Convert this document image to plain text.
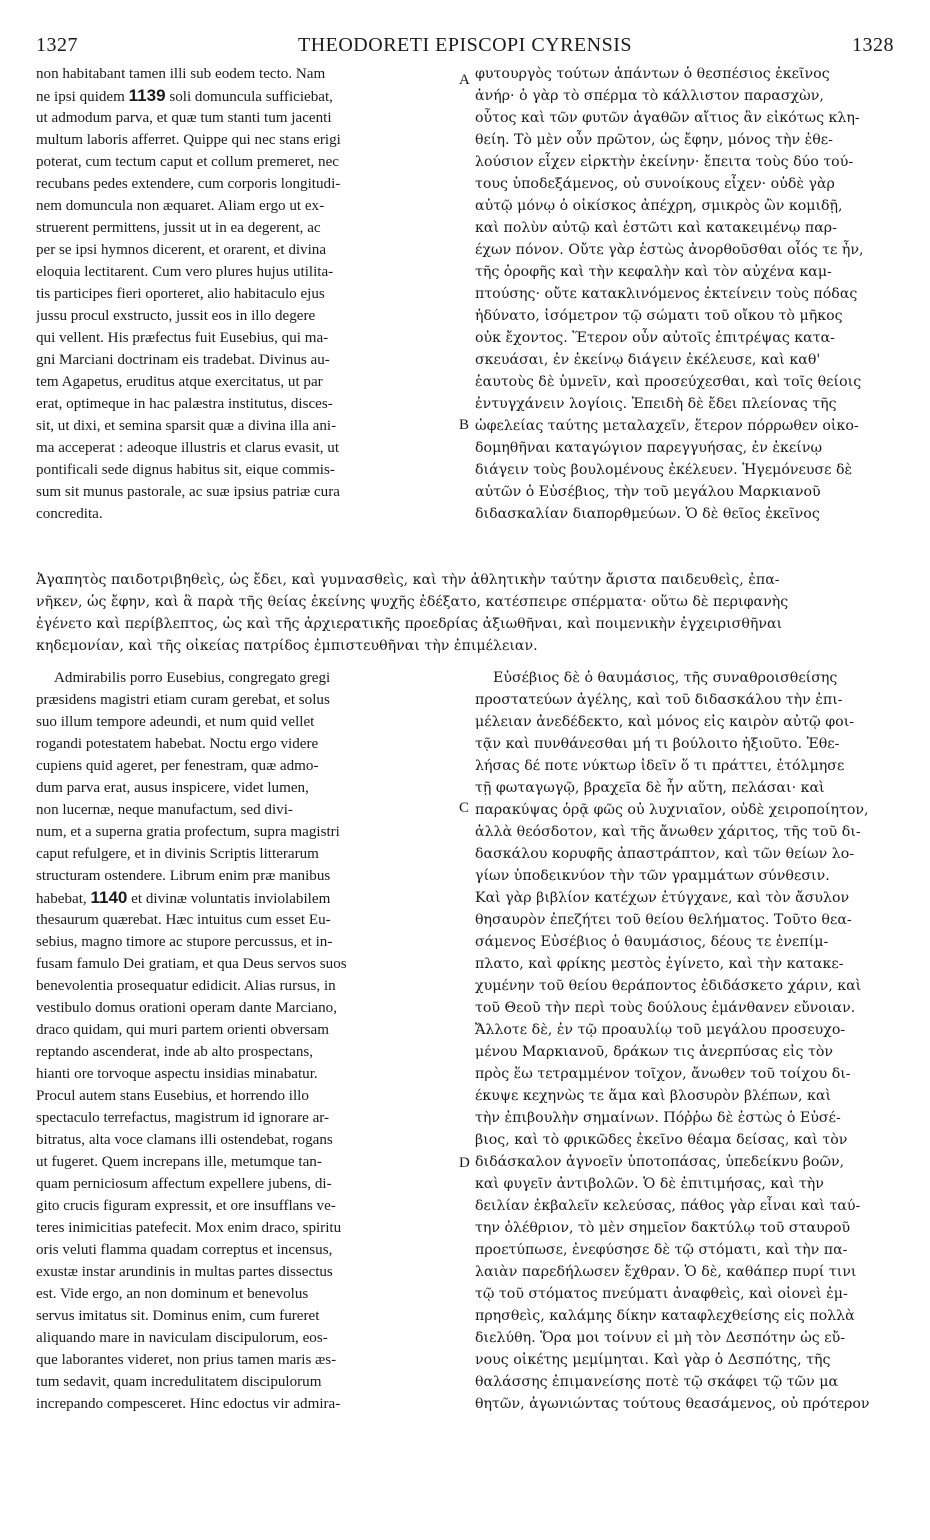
1327	THEODORETI EPISCOPI CYRENSIS	1328
non habitabant tamen illi sub eodem tecto. Nam
ne ipsi quidem 1139 soli domuncula sufficiebat,
ut admodum parva, et quæ tum stanti tum jacenti
multum laboris afferret. Quippe qui nec stans erigi
poterat, cum tectum caput et collum premeret, nec
recubans pedes extendere, cum corporis longitudi-
nem domuncula non æquaret. Aliam ergo ut ex-
struerent permittens, jussit ut in ea degerent, ac
per se ipsi hymnos dicerent, et orarent, et divina
eloquia lectitarent. Cum vero plures hujus utilita-
tis participes fieri oporteret, alio habitaculo ejus
jussu procul exstructo, jussit eos in illo degere
qui vellent. His præfectus fuit Eusebius, qui ma-
gni Marciani doctrinam eis tradebat. Divinus au-
tem Agapetus, eruditus atque exercitatus, ut par
erat, optimeque in hac palæstra institutus, disces-
sit, ut dixi, et semina sparsit quæ a divina illa ani-
ma acceperat : adeoque illustris et clarus evasit, ut
pontificali sede dignus habitus sit, eique commis-
sum sit munus pastorale, ac suæ ipsius patriæ cura
concredita.
A
B
φυτουργὸς τούτων ἁπάντων ὁ θεσπέσιος ἐκεῖνος
ἀνήρ· ὁ γὰρ τὸ σπέρμα τὸ κάλλιστον παρασχὼν,
οὗτος καὶ τῶν φυτῶν ἀγαθῶν αἴτιος ἂν εἰκότως κλη-
θείη. Τὸ μὲν οὖν πρῶτον, ὡς ἔφην, μόνος τὴν ἐθε-
λούσιον εἶχεν εἱρκτὴν ἐκείνην· ἔπειτα τοὺς δύο τού-
τους ὑποδεξάμενος, οὐ συνοίκους εἶχεν· οὐδὲ γὰρ
αὐτῷ μόνῳ ὁ οἰκίσκος ἀπέχρη, σμικρὸς ὢν κομιδῇ,
καὶ πολὺν αὐτῷ καὶ ἑστῶτι καὶ κατακειμένῳ παρ-
έχων πόνον. Οὔτε γὰρ ἑστὼς ἀνορθοῦσθαι οἷός τε ἦν,
τῆς ὀροφῆς καὶ τὴν κεφαλὴν καὶ τὸν αὐχένα καμ-
πτούσης· οὔτε κατακλινόμενος ἐκτείνειν τοὺς πόδας
ἠδύνατο, ἰσόμετρον τῷ σώματι τοῦ οἴκου τὸ μῆκος
οὐκ ἔχοντος. Ἕτερον οὖν αὐτοῖς ἐπιτρέψας κατα-
σκευάσαι, ἐν ἐκείνῳ διάγειν ἐκέλευσε, καὶ καθ'
ἑαυτοὺς δὲ ὑμνεῖν, καὶ προσεύχεσθαι, καὶ τοῖς θείοις
ἐντυγχάνειν λογίοις. Ἐπειδὴ δὲ ἔδει πλείονας τῆς
ὠφελείας ταύτης μεταλαχεῖν, ἕτερον πόρρωθεν οἰκο-
δομηθῆναι καταγώγιον παρεγγυήσας, ἐν ἐκείνῳ
διάγειν τοὺς βουλομένους ἐκέλευεν. Ἡγεμόνευσε δὲ
αὐτῶν ὁ Εὐσέβιος, τὴν τοῦ μεγάλου Μαρκιανοῦ
διδασκαλίαν διαπορθμεύων. Ὁ δὲ θεῖος ἐκεῖνος
Ἀγαπητὸς παιδοτριβηθεὶς, ὡς ἔδει, καὶ γυμνασθεὶς, καὶ τὴν ἀθλητικὴν ταύτην ἄριστα παιδευθεὶς, ἐπα-
νῆκεν, ὡς ἔφην, καὶ ἃ παρὰ τῆς θείας ἐκείνης ψυχῆς ἐδέξατο, κατέσπειρε σπέρματα· οὕτω δὲ περιφανὴς
ἐγένετο καὶ περίβλεπτος, ὡς καὶ τῆς ἀρχιερατικῆς προεδρίας ἀξιωθῆναι, καὶ ποιμενικὴν ἐγχειρισθῆναι
κηδεμονίαν, καὶ τῆς οἰκείας πατρίδος ἐμπιστευθῆναι τὴν ἐπιμέλειαν.
Admirabilis porro Eusebius, congregato gregi
præsidens magistri etiam curam gerebat, et solus
suo illum tempore adeundi, et num quid vellet
rogandi potestatem habebat. Noctu ergo videre
cupiens quid ageret, per fenestram, quæ admo-
dum parva erat, ausus inspicere, videt lumen,
non lucernæ, neque manufactum, sed divi-
num, et a superna gratia profectum, supra magistri
caput refulgere, et in divinis Scriptis litterarum
structuram ostendere. Librum enim præ manibus
habebat, 1140 et divinæ voluntatis inviolabilem
thesaurum quærebat. Hæc intuitus cum esset Eu-
sebius, magno timore ac stupore percussus, et in-
fusam famulo Dei gratiam, et qua Deus servos suos
benevolentia prosequatur edidicit. Alias rursus, in
vestibulo domus orationi operam dante Marciano,
draco quidam, qui muri partem orienti obversam
reptando ascenderat, inde ab alto prospectans,
hianti ore torvoque aspectu insidias minabatur.
Procul autem stans Eusebius, et horrendo illo
spectaculo terrefactus, magistrum id ignorare ar-
bitratus, alta voce clamans illi ostendebat, rogans
ut fugeret. Quem increpans ille, metumque tan-
quam perniciosum affectum expellere jubens, di-
gito crucis figuram expressit, et ore insufflans ve-
teres inimicitias patefecit. Mox enim draco, spiritu
oris veluti flamma quadam correptus et incensus,
exustæ instar arundinis in multas partes dissectus
est. Vide ergo, an non dominum et benevolus
servus imitatus sit. Dominus enim, cum fureret
aliquando mare in naviculam discipulorum, eos-
que laborantes videret, non prius tamen maris æs-
tum sedavit, quam incredulitatem discipulorum
increpando compesceret. Hinc edoctus vir admira-
C
D
Εὐσέβιος δὲ ὁ θαυμάσιος, τῆς συναθροισθείσης
προστατεύων ἀγέλης, καὶ τοῦ διδασκάλου τὴν ἐπι-
μέλειαν ἀνεδέδεκτο, καὶ μόνος εἰς καιρὸν αὐτῷ φοι-
τᾷν καὶ πυνθάνεσθαι μή τι βούλοιτο ἠξιοῦτο. Ἐθε-
λήσας δέ ποτε νύκτωρ ἰδεῖν ὅ τι πράττει, ἐτόλμησε
τῇ φωταγωγῷ, βραχεῖα δὲ ἦν αὕτη, πελάσαι· καὶ
παρακύψας ὁρᾷ φῶς οὐ λυχνιαῖον, οὐδὲ χειροποίητον,
ἀλλὰ θεόσδοτον, καὶ τῆς ἄνωθεν χάριτος, τῆς τοῦ δι-
δασκάλου κορυφῆς ἀπαστράπτον, καὶ τῶν θείων λο-
γίων ὑποδεικνύον τὴν τῶν γραμμάτων σύνθεσιν.
Καὶ γὰρ βιβλίον κατέχων ἐτύγχανε, καὶ τὸν ἄσυλον
θησαυρὸν ἐπεζήτει τοῦ θείου θελήματος. Τοῦτο θεα-
σάμενος Εὐσέβιος ὁ θαυμάσιος, δέους τε ἐνεπίμ-
πλατο, καὶ φρίκης μεστὸς ἐγίνετο, καὶ τὴν κατακε-
χυμένην τοῦ θείου θεράποντος ἐδιδάσκετο χάριν, καὶ
τοῦ Θεοῦ τὴν περὶ τοὺς δούλους ἐμάνθανεν εὔνοιαν.
Ἄλλοτε δὲ, ἐν τῷ προαυλίῳ τοῦ μεγάλου προσευχο-
μένου Μαρκιανοῦ, δράκων τις ἀνερπύσας εἰς τὸν
πρὸς ἕω τετραμμένον τοῖχον, ἄνωθεν τοῦ τοίχου δι-
έκυψε κεχηνὼς τε ἅμα καὶ βλοσυρὸν βλέπων, καὶ
τὴν ἐπιβουλὴν σημαίνων. Πόῤῥω δὲ ἑστὼς ὁ Εὐσέ-
βιος, καὶ τὸ φρικῶδες ἐκεῖνο θέαμα δείσας, καὶ τὸν
διδάσκαλον ἀγνοεῖν ὑποτοπάσας, ὑπεδείκνυ βοῶν,
καὶ φυγεῖν ἀντιβολῶν. Ὁ δὲ ἐπιτιμήσας, καὶ τὴν
δειλίαν ἐκβαλεῖν κελεύσας, πάθος γὰρ εἶναι καὶ ταύ-
την ὀλέθριον, τὸ μὲν σημεῖον δακτύλῳ τοῦ σταυροῦ
προετύπωσε, ἐνεφύσησε δὲ τῷ στόματι, καὶ τὴν πα-
λαιὰν παρεδήλωσεν ἔχθραν. Ὁ δὲ, καθάπερ πυρί τινι
τῷ τοῦ στόματος πνεύματι ἀναφθεὶς, καὶ οἱονεὶ ἐμ-
πρησθεὶς, καλάμης δίκην καταφλεχθείσης εἰς πολλὰ
διελύθη. Ὅρα μοι τοίνυν εἰ μὴ τὸν Δεσπότην ὡς εὔ-
νους οἰκέτης μεμίμηται. Καὶ γὰρ ὁ Δεσπότης, τῆς
θαλάσσης ἐπιμανείσης ποτὲ τῷ σκάφει τῷ τῶν μα
θητῶν, ἀγωνιώντας τούτους θεασάμενος, οὐ πρότερον
